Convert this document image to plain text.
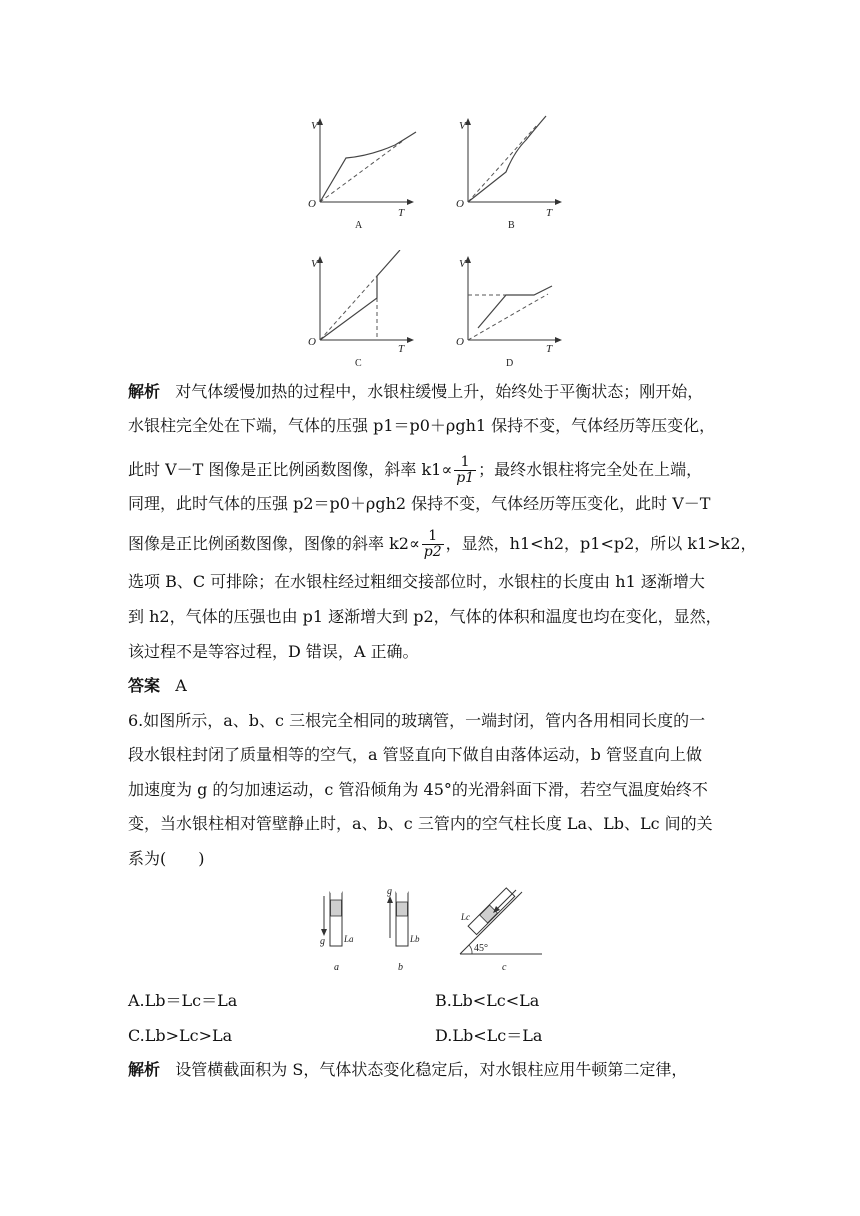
V
T
O
A
V
T
O
B
V
T
O
C
V
T
O
D
解析 对气体缓慢加热的过程中，水银柱缓慢上升，始终处于平衡状态；刚开始，
水银柱完全处在下端，气体的压强 p1＝p0＋ρgh1 保持不变，气体经历等压变化，
此时 V－T 图像是正比例函数图像，斜率 $k1\propto \frac{1}{p1}$ ；最终水银柱将完全处在上端，
同理，此时气体的压强 p2＝p0＋ρgh2 保持不变，气体经历等压变化，此时 V－T
图像是正比例函数图像，图像的斜率 $k2\propto \frac{1}{p2}$ ，显然，h1<h2，p1<p2，所以 k1>k2，
选项 B、C 可排除；在水银柱经过粗细交接部位时，水银柱的长度由 h1 逐渐增大
到 h2，气体的压强也由 p1 逐渐增大到 p2，气体的体积和温度也均在变化，显然，
该过程不是等容过程，D 错误，A 正确。
答案 A
6.如图所示，a、b、c 三根完全相同的玻璃管，一端封闭，管内各用相同长度的一
段水银柱封闭了质量相等的空气，a 管竖直向下做自由落体运动，b 管竖直向上做
加速度为 g 的匀加速运动，c 管沿倾角为 45°的光滑斜面下滑，若空气温度始终不
变，当水银柱相对管壁静止时，a、b、c 三管内的空气柱长度 La、Lb、Lc 间的关
系为(　　)
g La
a
g
Lb
b
45°
Lc
c
A.Lb＝Lc＝La	B.Lb<Lc<La
C.Lb>Lc>La	D.Lb<Lc＝La
解析 设管横截面积为 S，气体状态变化稳定后，对水银柱应用牛顿第二定律，
